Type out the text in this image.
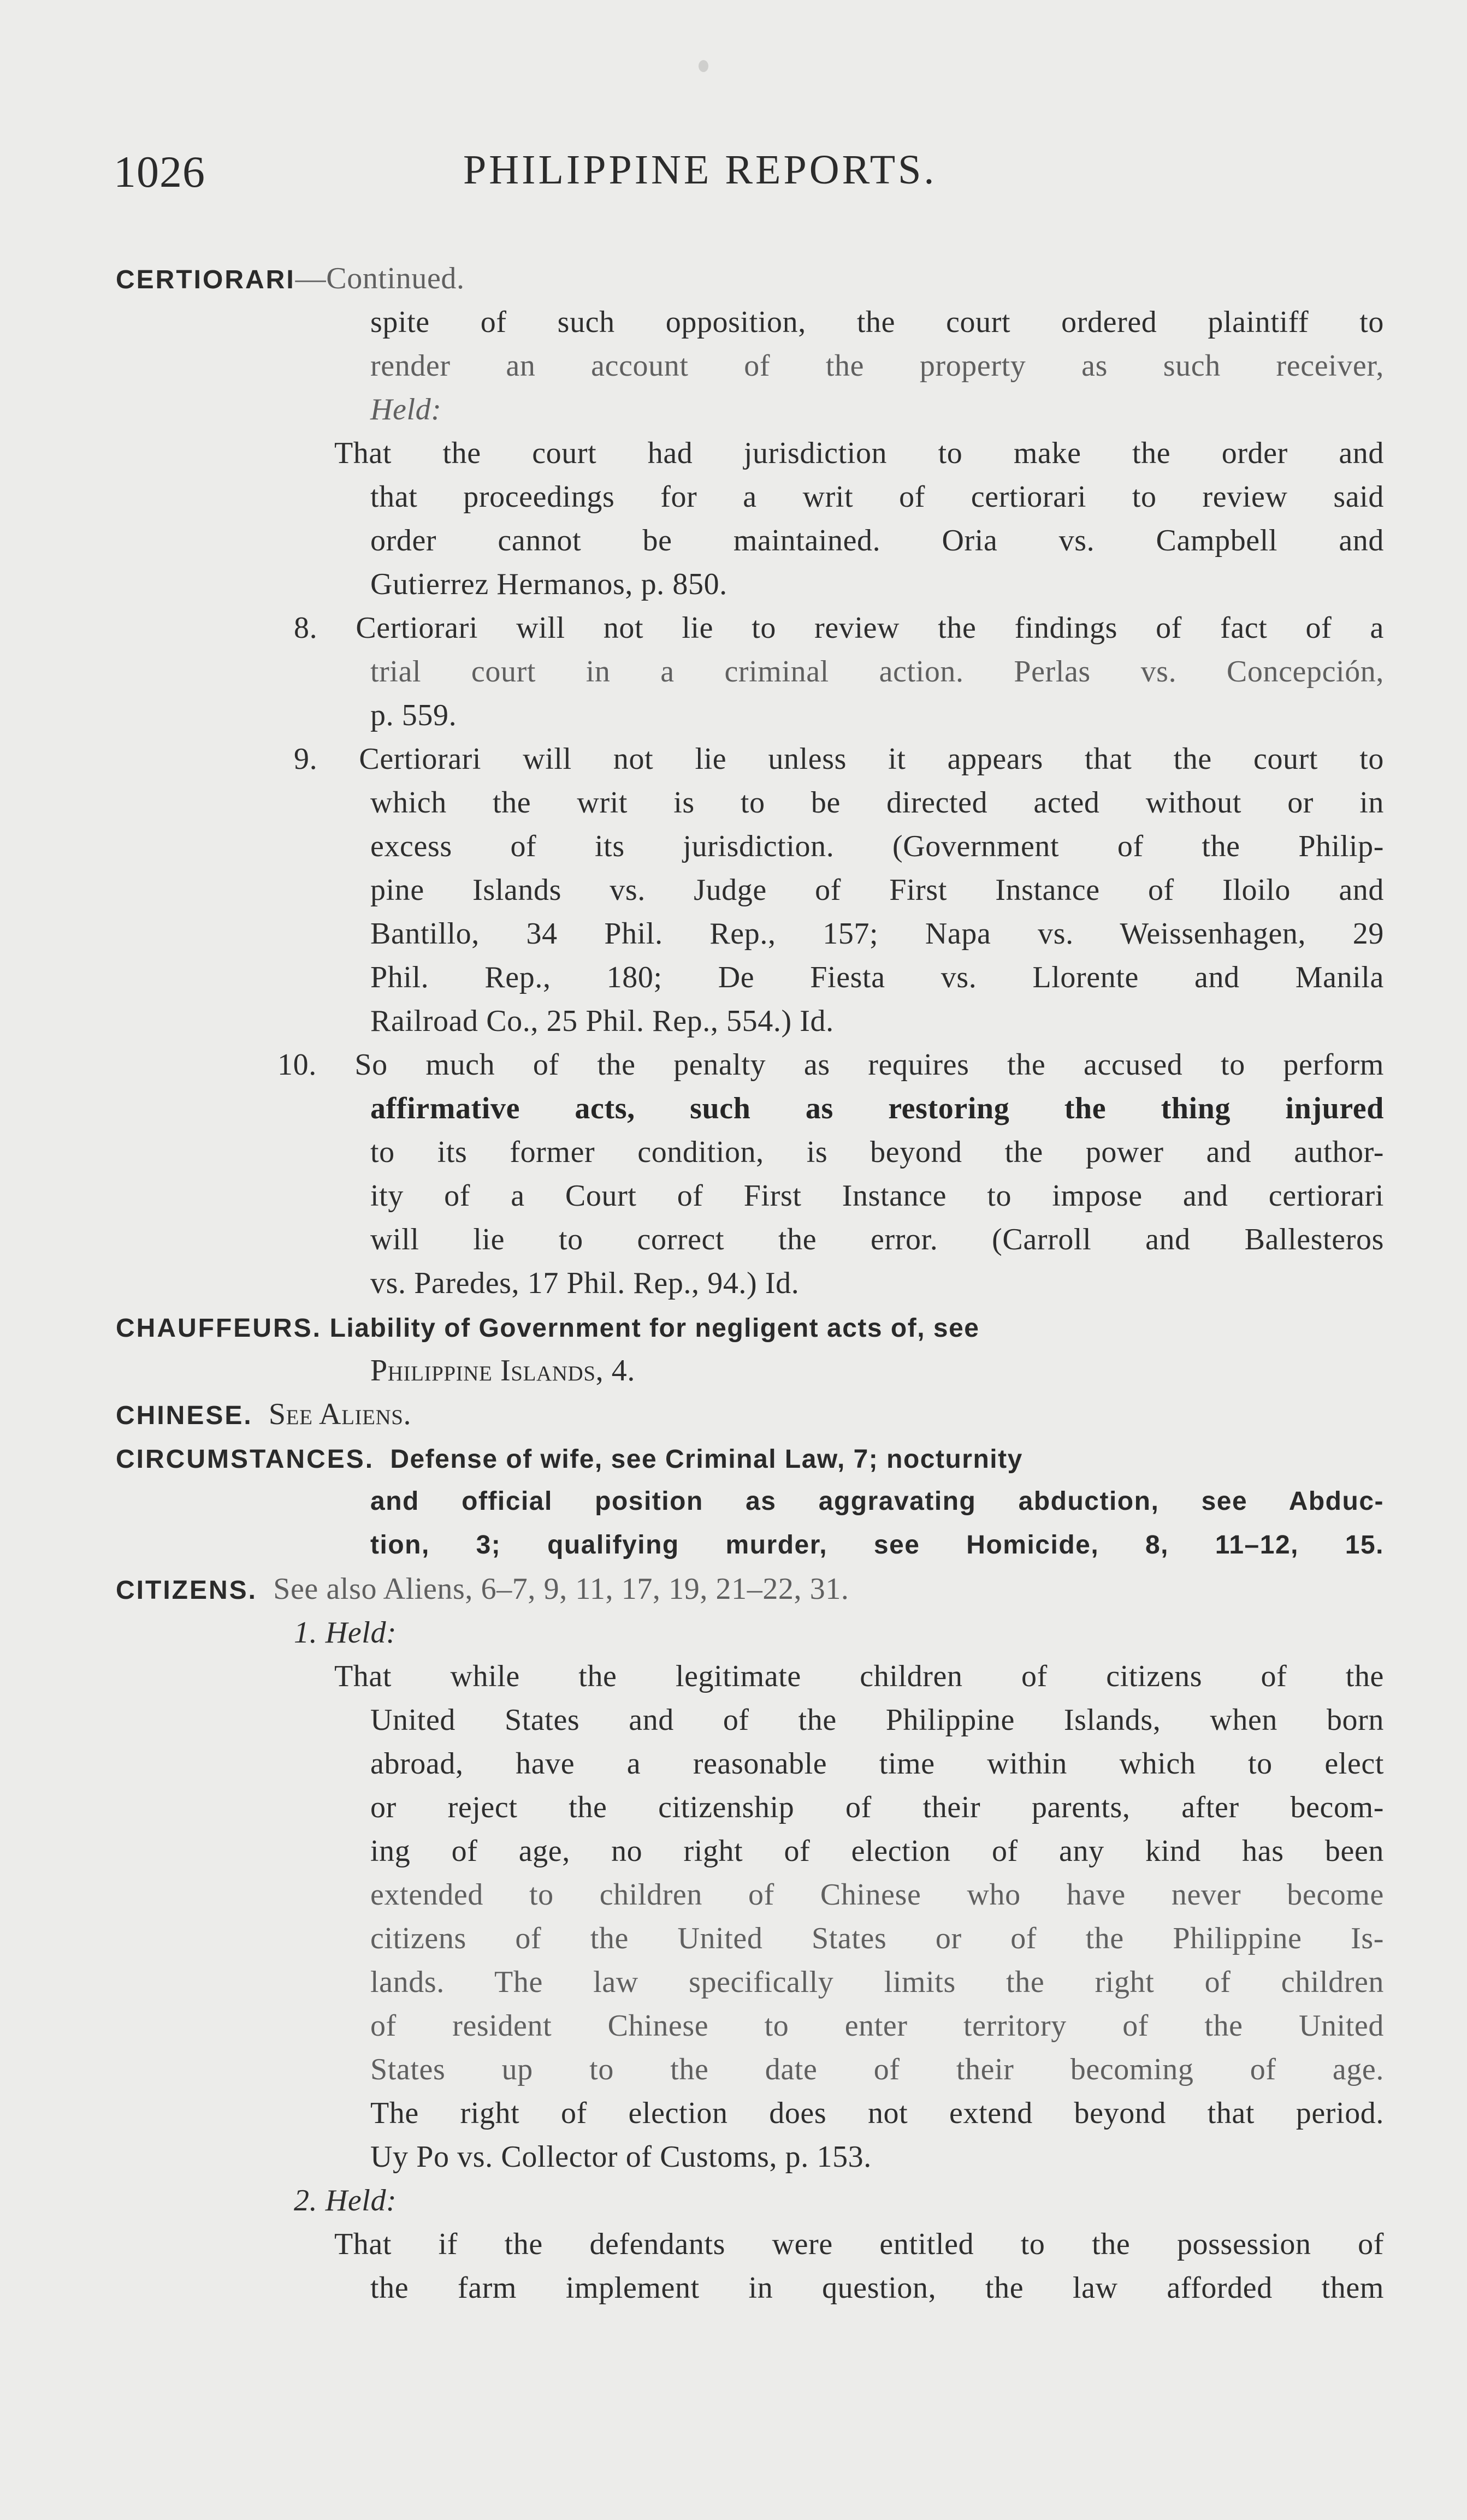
1026	PHILIPPINE REPORTS.
CERTIORARI—Continued.
spite of such opposition, the court ordered plaintiff to
render an account of the property as such receiver,
Held:
That the court had jurisdiction to make the order and
that proceedings for a writ of certiorari to review said
order cannot be maintained. Oria vs. Campbell and
Gutierrez Hermanos, p. 850.
8. Certiorari will not lie to review the findings of fact of a
trial court in a criminal action. Perlas vs. Concepción,
p. 559.
9. Certiorari will not lie unless it appears that the court to
which the writ is to be directed acted without or in
excess of its jurisdiction. (Government of the Philip-
pine Islands vs. Judge of First Instance of Iloilo and
Bantillo, 34 Phil. Rep., 157; Napa vs. Weissenhagen, 29
Phil. Rep., 180; De Fiesta vs. Llorente and Manila
Railroad Co., 25 Phil. Rep., 554.) Id.
10. So much of the penalty as requires the accused to perform
affirmative acts, such as restoring the thing injured
to its former condition, is beyond the power and author-
ity of a Court of First Instance to impose and certiorari
will lie to correct the error. (Carroll and Ballesteros
vs. Paredes, 17 Phil. Rep., 94.) Id.
CHAUFFEURS. Liability of Government for negligent acts of, see
Philippine Islands, 4.
CHINESE. See Aliens.
CIRCUMSTANCES. Defense of wife, see Criminal Law, 7; nocturnity
and official position as aggravating abduction, see Abduc-
tion, 3; qualifying murder, see Homicide, 8, 11–12, 15.
CITIZENS. See also Aliens, 6–7, 9, 11, 17, 19, 21–22, 31.
1. Held:
That while the legitimate children of citizens of the
United States and of the Philippine Islands, when born
abroad, have a reasonable time within which to elect
or reject the citizenship of their parents, after becom-
ing of age, no right of election of any kind has been
extended to children of Chinese who have never become
citizens of the United States or of the Philippine Is-
lands. The law specifically limits the right of children
of resident Chinese to enter territory of the United
States up to the date of their becoming of age.
The right of election does not extend beyond that period.
Uy Po vs. Collector of Customs, p. 153.
2. Held:
That if the defendants were entitled to the possession of
the farm implement in question, the law afforded them
